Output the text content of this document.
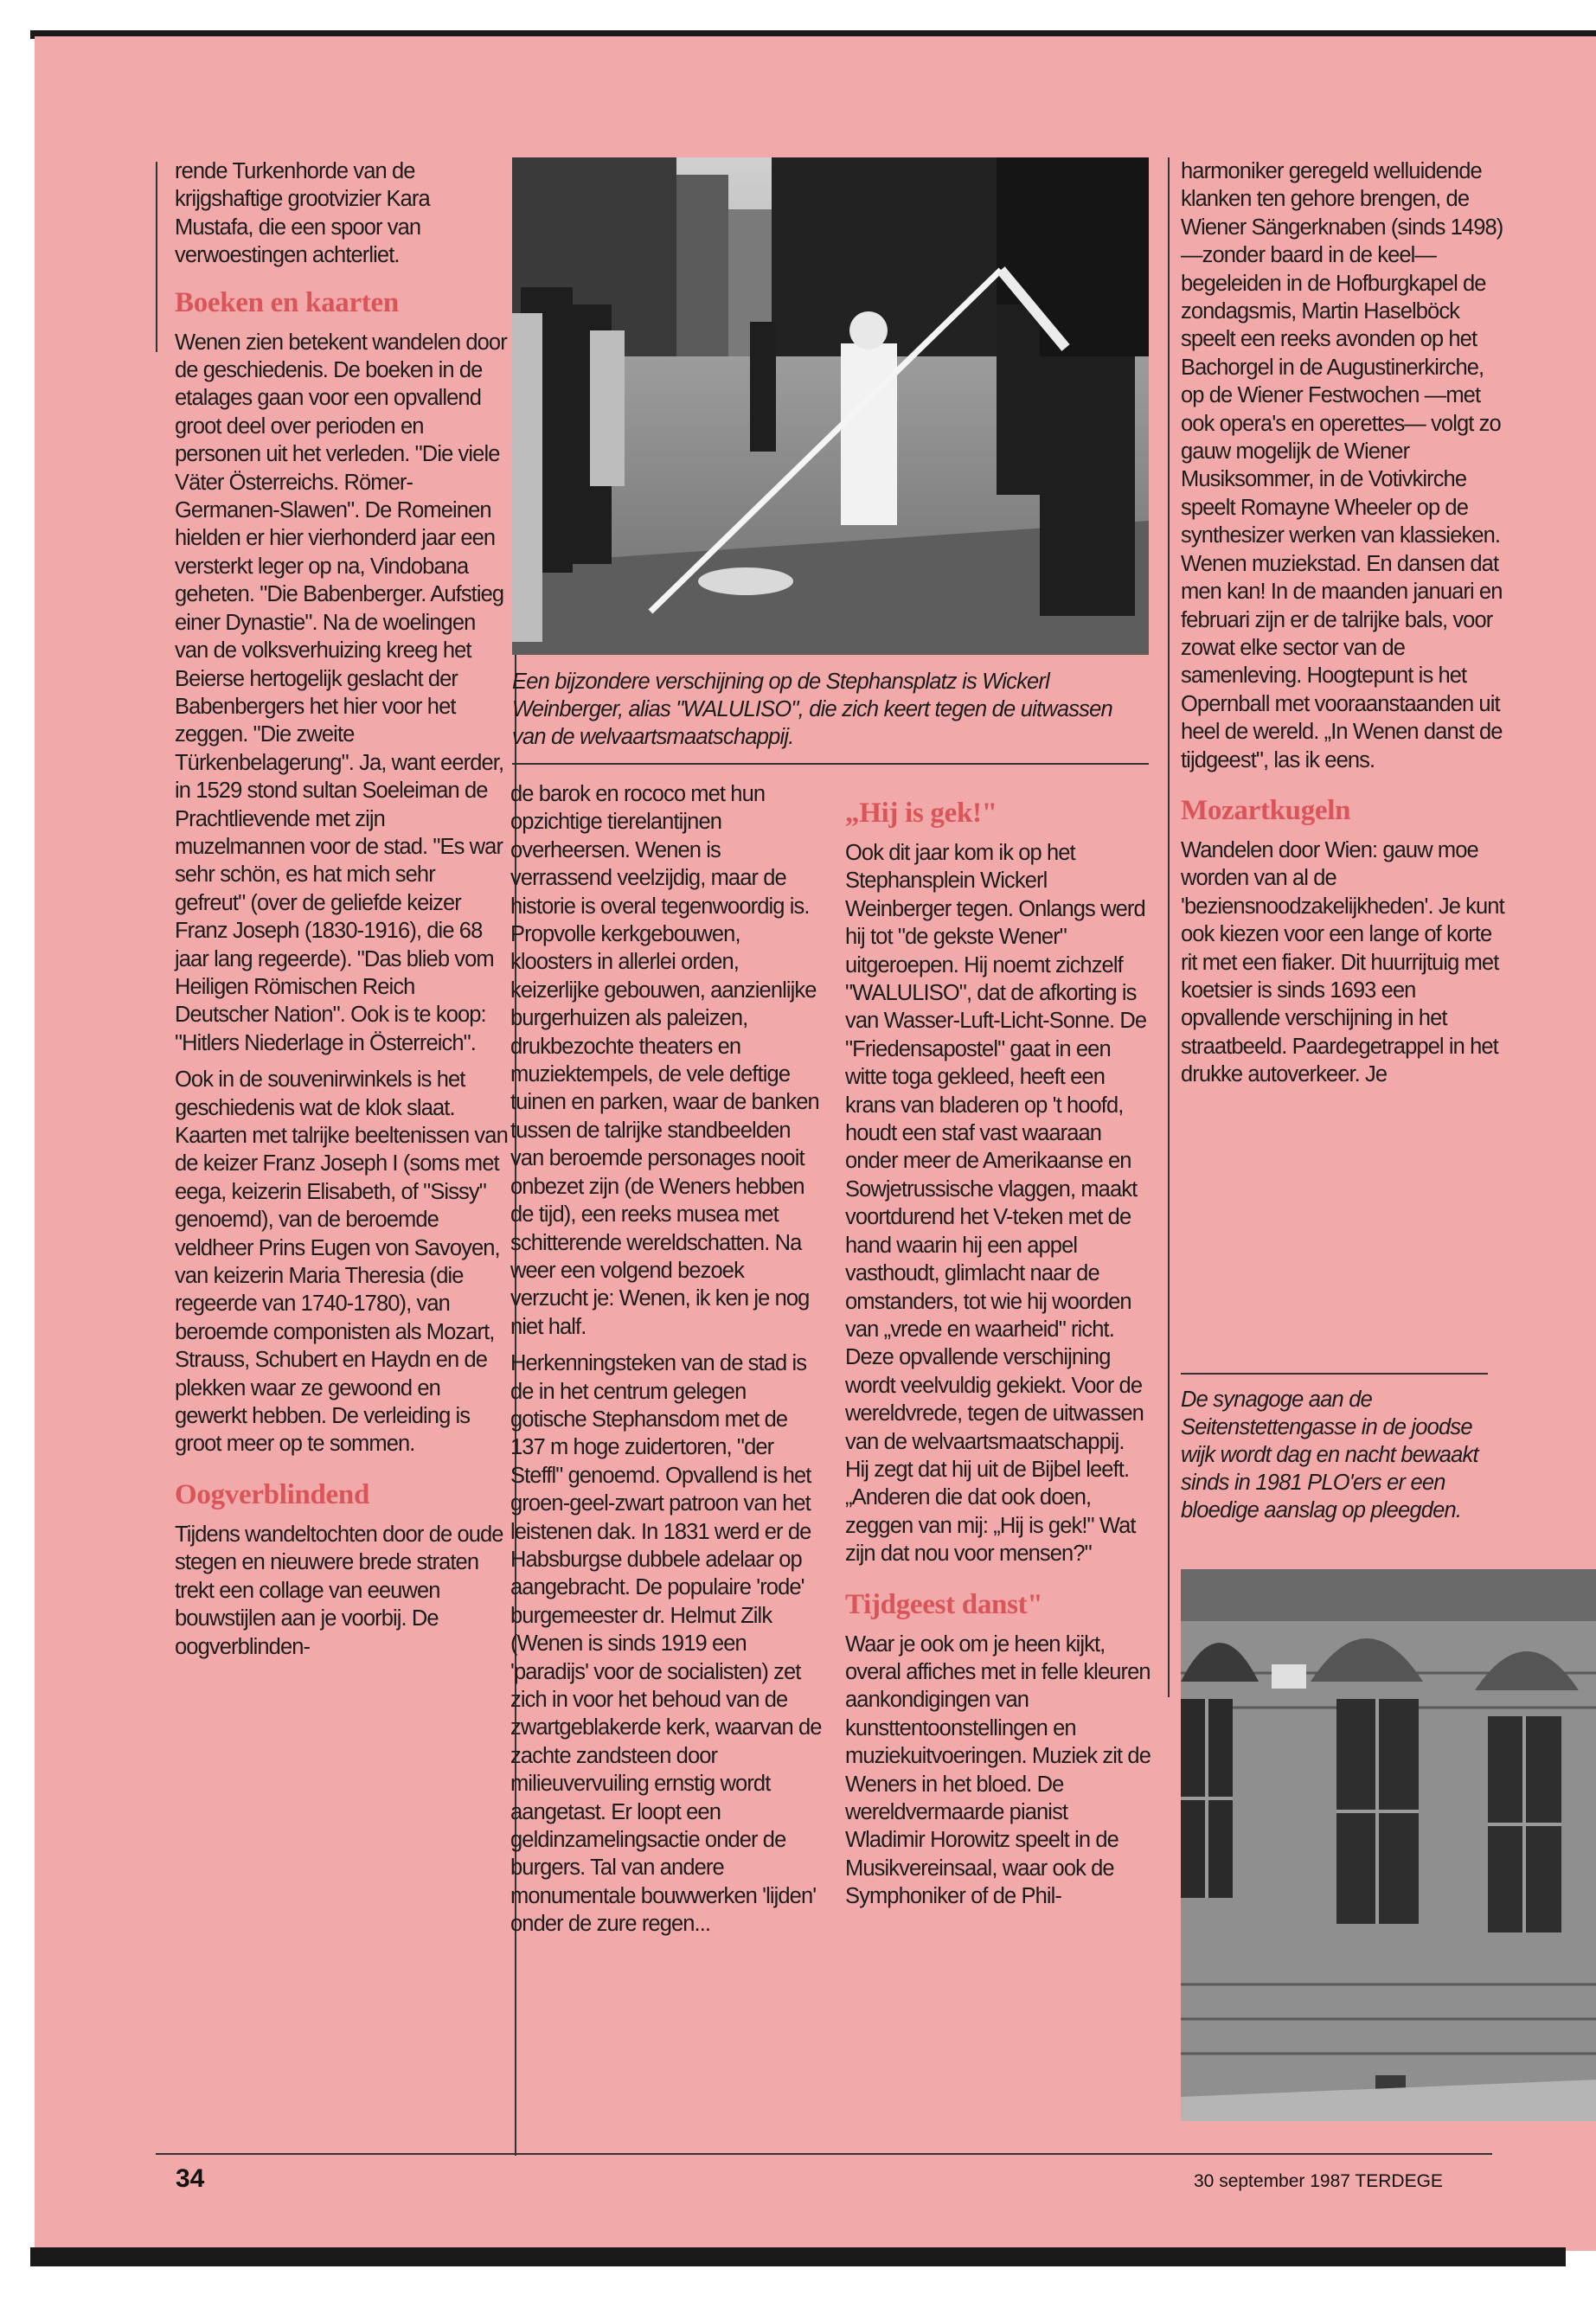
rende Turkenhorde van de krijgshaftige grootvizier Kara Mustafa, die een spoor van verwoestingen achterliet.

Boeken en kaarten

Wenen zien betekent wandelen door de geschiedenis. De boeken in de etalages gaan voor een opvallend groot deel over perioden en personen uit het verleden. "Die viele Väter Österreichs. Römer-Germanen-Slawen". De Romeinen hielden er hier vierhonderd jaar een versterkt leger op na, Vindobana geheten. "Die Babenberger. Aufstieg einer Dynastie". Na de woelingen van de volksverhuizing kreeg het Beierse hertogelijk geslacht der Babenbergers het hier voor het zeggen. "Die zweite Türkenbelagerung". Ja, want eerder, in 1529 stond sultan Soeleiman de Prachtlievende met zijn muzelmannen voor de stad. "Es war sehr schön, es hat mich sehr gefreut" (over de geliefde keizer Franz Joseph (1830-1916), die 68 jaar lang regeerde). "Das blieb vom Heiligen Römischen Reich Deutscher Nation". Ook is te koop: "Hitlers Niederlage in Österreich".

Ook in de souvenirwinkels is het geschiedenis wat de klok slaat. Kaarten met talrijke beeltenissen van de keizer Franz Joseph I (soms met eega, keizerin Elisabeth, of "Sissy" genoemd), van de beroemde veldheer Prins Eugen von Savoyen, van keizerin Maria Theresia (die regeerde van 1740-1780), van beroemde componisten als Mozart, Strauss, Schubert en Haydn en de plekken waar ze gewoond en gewerkt hebben. De verleiding is groot meer op te sommen.

Oogverblindend

Tijdens wandeltochten door de oude stegen en nieuwere brede straten trekt een collage van eeuwen bouwstijlen aan je voorbij. De oogverblinden-

Een bijzondere verschijning op de Stephansplatz is Wickerl Weinberger, alias "WALULISO", die zich keert tegen de uitwassen van de welvaartsmaatschappij.

de barok en rococo met hun opzichtige tierelantijnen overheersen. Wenen is verrassend veelzijdig, maar de historie is overal tegenwoordig is. Propvolle kerkgebouwen, kloosters in allerlei orden, keizerlijke gebouwen, aanzienlijke burgerhuizen als paleizen, drukbezochte theaters en muziektempels, de vele deftige tuinen en parken, waar de banken tussen de talrijke standbeelden van beroemde personages nooit onbezet zijn (de Weners hebben de tijd), een reeks musea met schitterende wereldschatten. Na weer een volgend bezoek verzucht je: Wenen, ik ken je nog niet half.

Herkenningsteken van de stad is de in het centrum gelegen gotische Stephansdom met de 137 m hoge zuidertoren, "der Steffl" genoemd. Opvallend is het groen-geel-zwart patroon van het leistenen dak. In 1831 werd er de Habsburgse dubbele adelaar op aangebracht. De populaire 'rode' burgemeester dr. Helmut Zilk (Wenen is sinds 1919 een 'paradijs' voor de socialisten) zet zich in voor het behoud van de zwartgeblakerde kerk, waarvan de zachte zandsteen door milieuvervuiling ernstig wordt aangetast. Er loopt een geldinzamelingsactie onder de burgers. Tal van andere monumentale bouwwerken 'lijden' onder de zure regen...

„Hij is gek!"

Ook dit jaar kom ik op het Stephansplein Wickerl Weinberger tegen. Onlangs werd hij tot "de gekste Wener" uitgeroepen. Hij noemt zichzelf "WALULISO", dat de afkorting is van Wasser-Luft-Licht-Sonne. De "Friedensapostel" gaat in een witte toga gekleed, heeft een krans van bladeren op 't hoofd, houdt een staf vast waaraan onder meer de Amerikaanse en Sowjetrussische vlaggen, maakt voortdurend het V-teken met de hand waarin hij een appel vasthoudt, glimlacht naar de omstanders, tot wie hij woorden van „vrede en waarheid" richt. Deze opvallende verschijning wordt veelvuldig gekiekt. Voor de wereldvrede, tegen de uitwassen van de welvaartsmaatschappij. Hij zegt dat hij uit de Bijbel leeft. „Anderen die dat ook doen, zeggen van mij: „Hij is gek!" Wat zijn dat nou voor mensen?"

Tijdgeest danst"

Waar je ook om je heen kijkt, overal affiches met in felle kleuren aankondigingen van kunsttentoonstellingen en muziekuitvoeringen. Muziek zit de Weners in het bloed. De wereldvermaarde pianist Wladimir Horowitz speelt in de Musikvereinsaal, waar ook de Symphoniker of de Phil-

harmoniker geregeld welluidende klanken ten gehore brengen, de Wiener Sängerknaben (sinds 1498) —zonder baard in de keel— begeleiden in de Hofburgkapel de zondagsmis, Martin Haselböck speelt een reeks avonden op het Bachorgel in de Augustinerkirche, op de Wiener Festwochen —met ook opera's en operettes— volgt zo gauw mogelijk de Wiener Musiksommer, in de Votivkirche speelt Romayne Wheeler op de synthesizer werken van klassieken. Wenen muziekstad. En dansen dat men kan! In de maanden januari en februari zijn er de talrijke bals, voor zowat elke sector van de samenleving. Hoogtepunt is het Opernball met vooraanstaanden uit heel de wereld. „In Wenen danst de tijdgeest", las ik eens.

Mozartkugeln

Wandelen door Wien: gauw moe worden van al de 'beziensnoodzakelijkheden'. Je kunt ook kiezen voor een lange of korte rit met een fiaker. Dit huurrijtuig met koetsier is sinds 1693 een opvallende verschijning in het straatbeeld. Paardegetrappel in het drukke autoverkeer. Je

De synagoge aan de Seitenstettengasse in de joodse wijk wordt dag en nacht bewaakt sinds in 1981 PLO'ers er een bloedige aanslag op pleegden.
34	30 september 1987 TERDEGE
